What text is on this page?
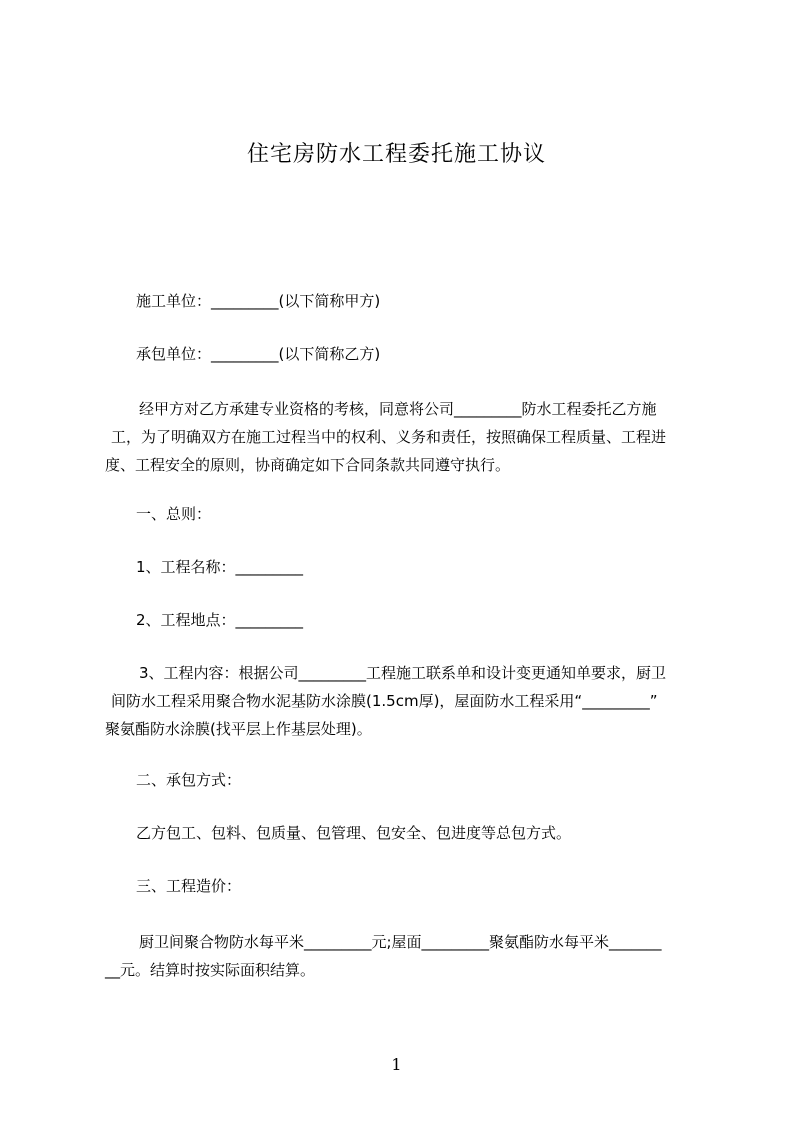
住宅房防水工程委托施工协议
施工单位：_________(以下简称甲方)
承包单位：_________(以下简称乙方)

经甲方对乙方承建专业资格的考核，同意将公司_________防水工程委托乙方施

工，为了明确双方在施工过程当中的权利、义务和责任，按照确保工程质量、工程进

度、工程安全的原则，协商确定如下合同条款共同遵守执行。

一、总则：
1、工程名称：_________
2、工程地点：_________

3、工程内容：根据公司_________工程施工联系单和设计变更通知单要求，厨卫

间防水工程采用聚合物水泥基防水涂膜(1.5cm厚)，屋面防水工程采用“_________”

聚氨酯防水涂膜(找平层上作基层处理)。

二、承包方式：
乙方包工、包料、包质量、包管理、包安全、包进度等总包方式。
三、工程造价：

厨卫间聚合物防水每平米_________元;屋面_________聚氨酯防水每平米_______

__元。结算时按实际面积结算。

1
